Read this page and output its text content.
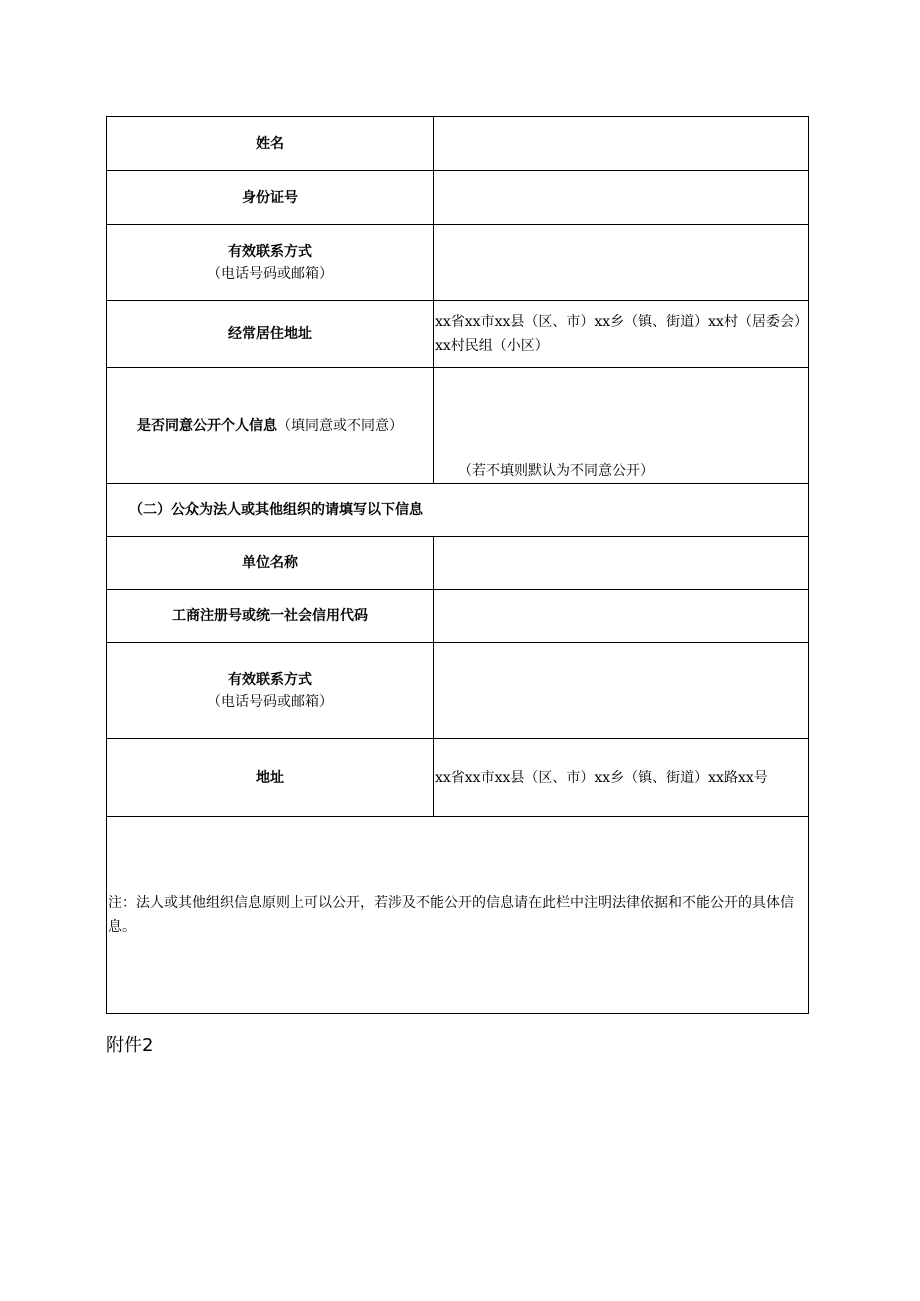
姓名	
身份证号	
有效联系方式
（电话号码或邮箱）	

经常居住地址	xx省xx市xx县（区、市）xx乡（镇、街道）xx村（居委会）xx村民组（小区）
是否同意公开个人信息（填同意或不同意）	（若不填则默认为不同意公开）

（二）公众为法人或其他组织的请填写以下信息	
单位名称	
工商注册号或统一社会信用代码	
有效联系方式
（电话号码或邮箱）	

地址	xx省xx市xx县（区、市）xx乡（镇、街道）xx路xx号
注：法人或其他组织信息原则上可以公开，若涉及不能公开的信息请在此栏中注明法律依据和不能公开的具体信息。	
附件2
